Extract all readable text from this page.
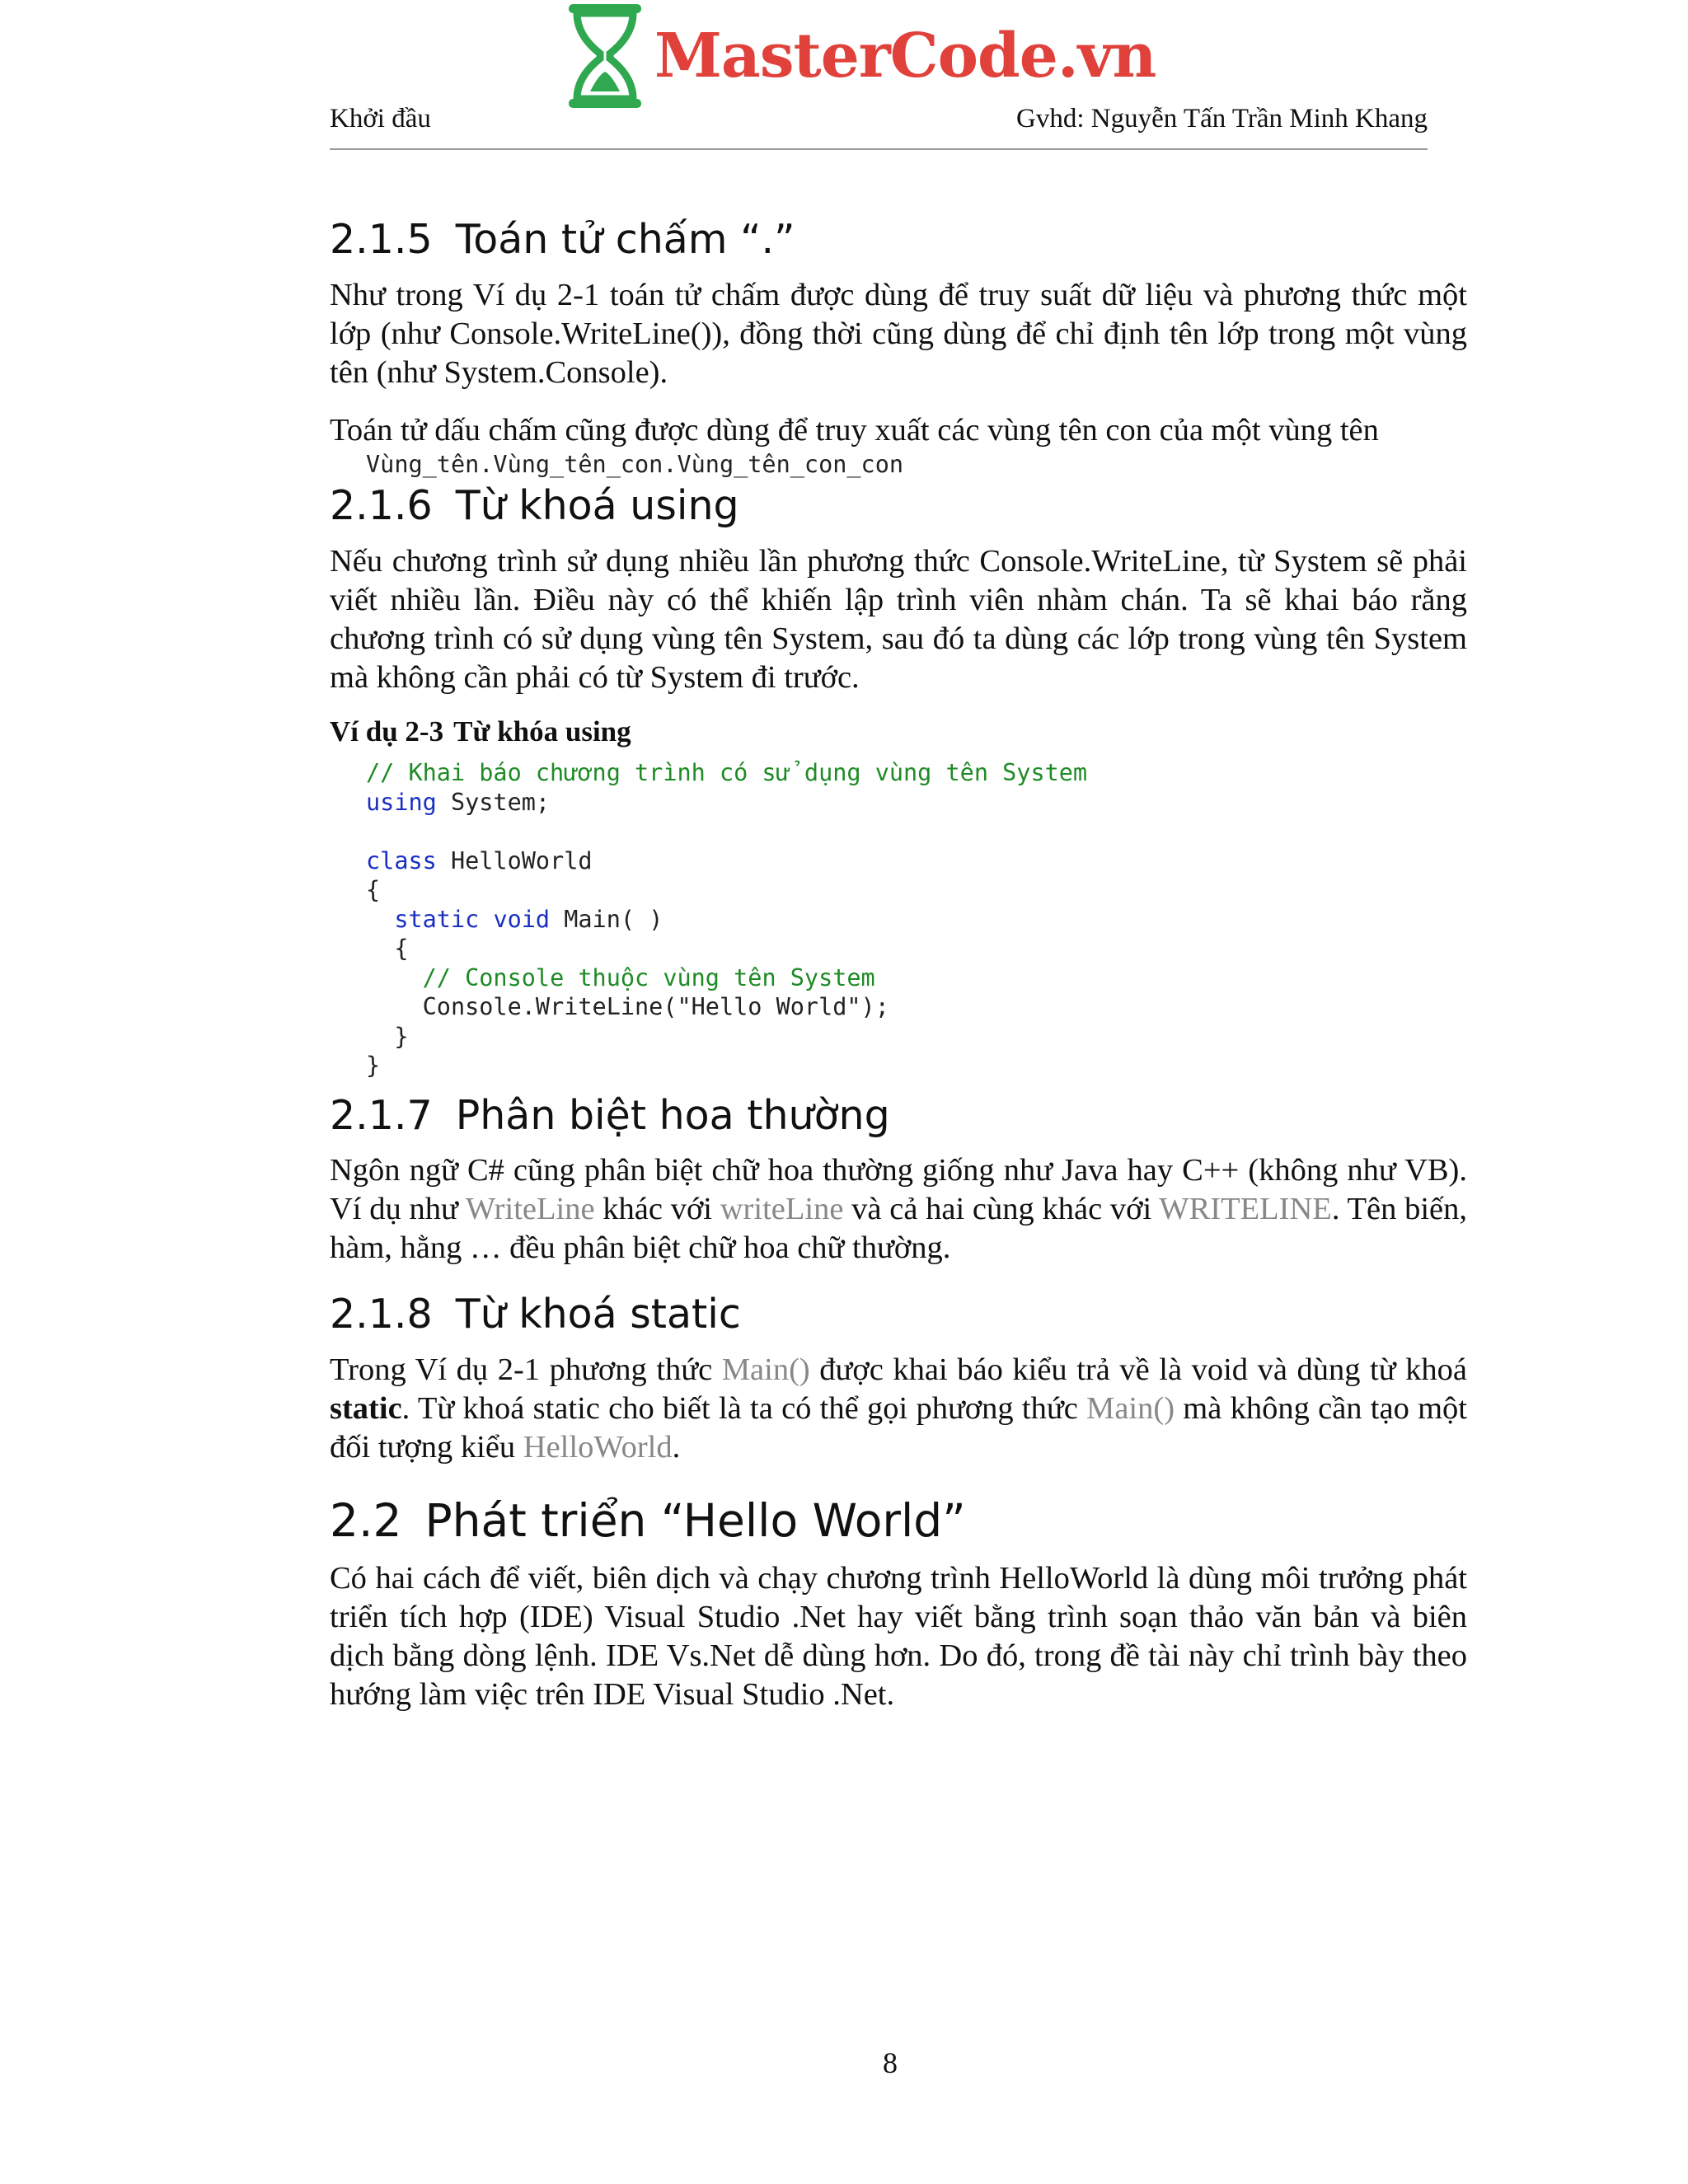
MasterCode.vn
Khởi đầu	Gvhd: Nguyễn Tấn Trần Minh Khang
2.1.5 Toán tử chấm “.”

Như trong Ví dụ 2-1 toán tử chấm được dùng để truy suất dữ liệu và phương thức một lớp (như Console.WriteLine()), đồng thời cũng dùng để chỉ định tên lớp trong một vùng tên (như System.Console).

Toán tử dấu chấm cũng được dùng để truy xuất các vùng tên con của một vùng tên

Vùng_tên.Vùng_tên_con.Vùng_tên_con_con
2.1.6 Từ khoá using

Nếu chương trình sử dụng nhiều lần phương thức Console.WriteLine, từ System sẽ phải viết nhiều lần. Điều này có thể khiến lập trình viên nhàm chán. Ta sẽ khai báo rằng chương trình có sử dụng vùng tên System, sau đó ta dùng các lớp trong vùng tên System mà không cần phải có từ System đi trước.

Ví dụ 2-3 Từ khóa using
// Khai báo chương trình có sử dụng vùng tên System
using System;

class HelloWorld
{
static void Main( )
{
// Console thuộc vùng tên System
Console.WriteLine("Hello World");
}
}
2.1.7 Phân biệt hoa thường

Ngôn ngữ C# cũng phân biệt chữ hoa thường giống như Java hay C++ (không như VB). Ví dụ như WriteLine khác với writeLine và cả hai cùng khác với WRITELINE. Tên biến, hàm, hằng … đều phân biệt chữ hoa chữ thường.

2.1.8 Từ khoá static

Trong Ví dụ 2-1 phương thức Main() được khai báo kiểu trả về là void và dùng từ khoá static. Từ khoá static cho biết là ta có thể gọi phương thức Main() mà không cần tạo một đối tượng kiểu HelloWorld.

2.2 Phát triển “Hello World”

Có hai cách để viết, biên dịch và chạy chương trình HelloWorld là dùng môi trưởng phát triển tích hợp (IDE) Visual Studio .Net hay viết bằng trình soạn thảo văn bản và biên dịch bằng dòng lệnh. IDE Vs.Net dễ dùng hơn. Do đó, trong đề tài này chỉ trình bày theo hướng làm việc trên IDE Visual Studio .Net.

8
